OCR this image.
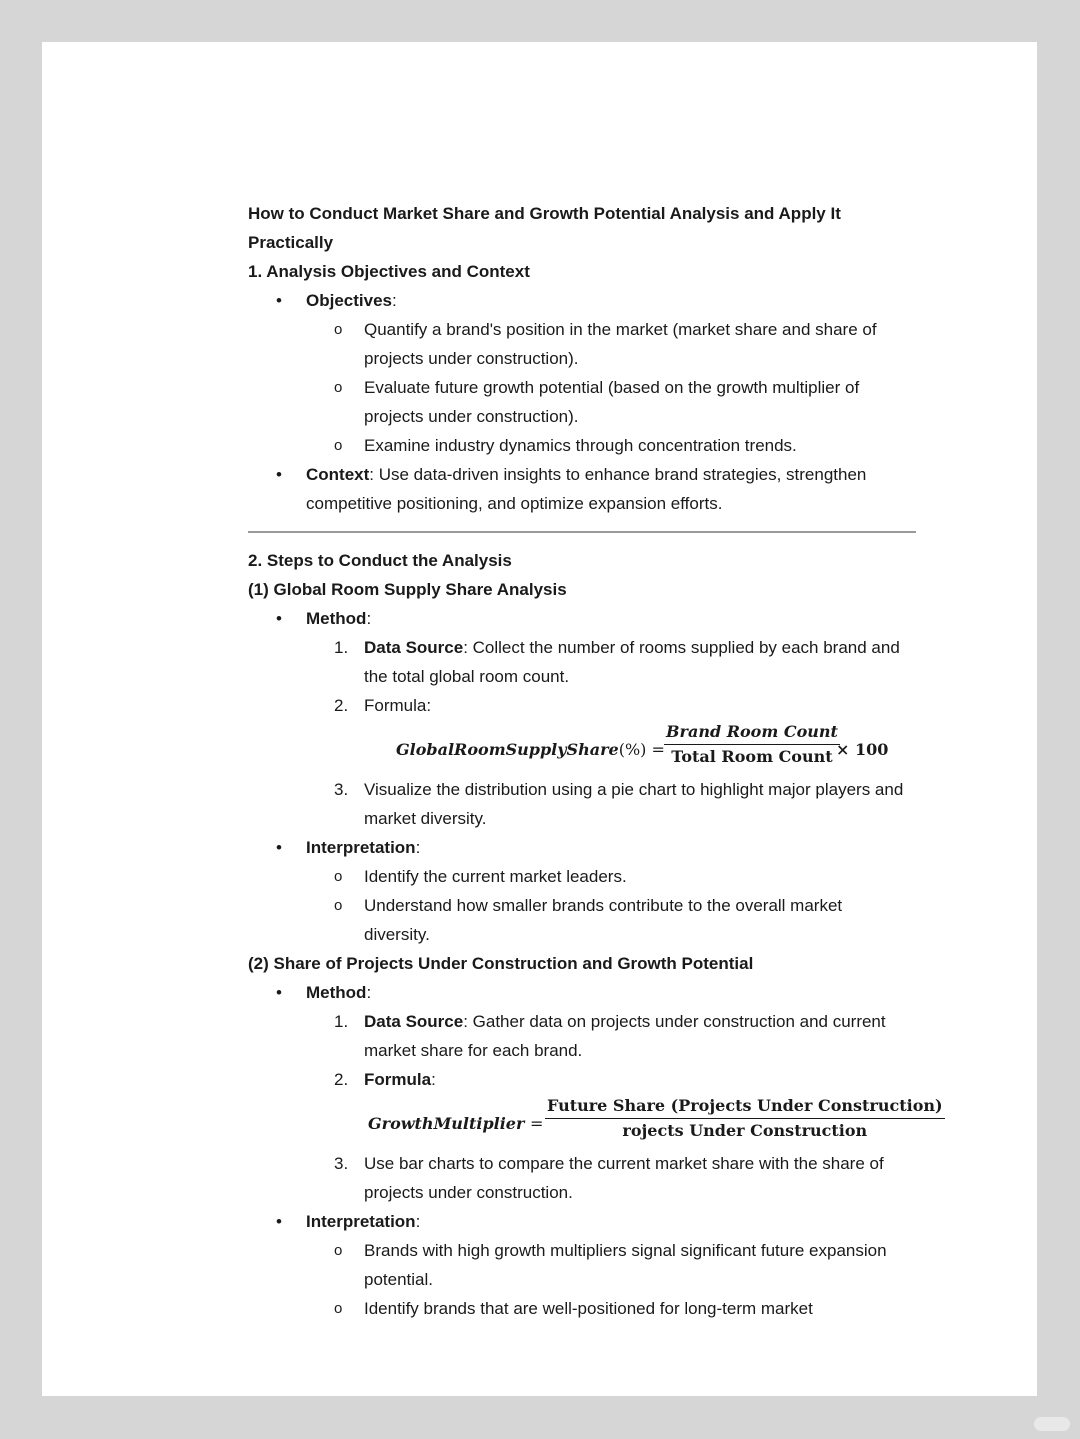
How to Conduct Market Share and Growth Potential Analysis and Apply It
Practically
1. Analysis Objectives and Context
• Objectives:
o Quantify a brand's position in the market (market share and share of
projects under construction).
o Evaluate future growth potential (based on the growth multiplier of
projects under construction).
o Examine industry dynamics through concentration trends.
• Context: Use data-driven insights to enhance brand strategies, strengthen
competitive positioning, and optimize expansion efforts.
2. Steps to Conduct the Analysis
(1) Global Room Supply Share Analysis
• Method:
1. Data Source: Collect the number of rooms supplied by each brand and
the total global room count.
2. Formula:
GlobalRoomSupplyShare(%) =
Brand Room Count
Total Room Count × 100
3. Visualize the distribution using a pie chart to highlight major players and
market diversity.
• Interpretation:
o Identify the current market leaders.
o Understand how smaller brands contribute to the overall market
diversity.
(2) Share of Projects Under Construction and Growth Potential
• Method:
1. Data Source: Gather data on projects under construction and current
market share for each brand.
2. Formula:
GrowthMultiplier =
Future Share (Projects Under Construction)
rojects Under Construction
3. Use bar charts to compare the current market share with the share of
projects under construction.
• Interpretation:
o Brands with high growth multipliers signal significant future expansion
potential.
o Identify brands that are well-positioned for long-term market
